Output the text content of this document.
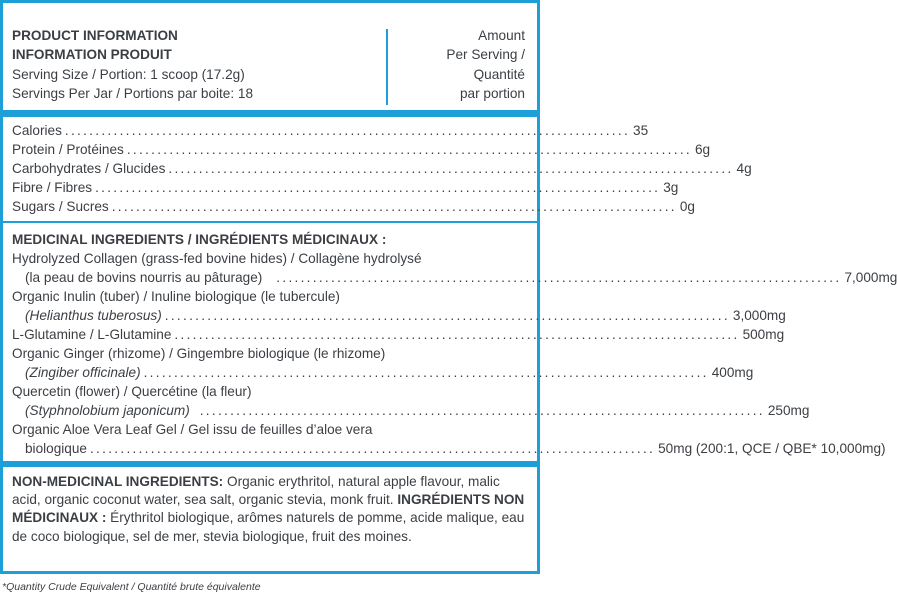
PRODUCT INFORMATION
INFORMATION PRODUIT
Serving Size / Portion: 1 scoop (17.2g)
Servings Per Jar / Portions par boite: 18
Amount
Per Serving /
Quantité
par portion
Calories ............................................................................................. 35
Protein / Protéines ............................................................................................. 6g
Carbohydrates / Glucides ............................................................................................. 4g
Fibre / Fibres ............................................................................................. 3g
Sugars / Sucres ............................................................................................. 0g
MEDICINAL INGREDIENTS / INGRÉDIENTS MÉDICINAUX :
Hydrolyzed Collagen (grass-fed bovine hides) / Collagène hydrolysé
(la peau de bovins nourris au pâturage) ............................................................................................. 7,000mg
Organic Inulin (tuber) / Inuline biologique (le tubercule)
(Helianthus tuberosus) ............................................................................................. 3,000mg
L-Glutamine / L-Glutamine ............................................................................................. 500mg
Organic Ginger (rhizome) / Gingembre biologique (le rhizome)
(Zingiber officinale) ............................................................................................. 400mg
Quercetin (flower) / Quercétine (la fleur)
(Styphnolobium japonicum) ............................................................................................. 250mg
Organic Aloe Vera Leaf Gel / Gel issu de feuilles d’aloe vera
biologique ............................................................................................. 50mg (200:1, QCE / QBE* 10,000mg)
NON-MEDICINAL INGREDIENTS: Organic erythritol, natural apple flavour, malic acid, organic coconut water, sea salt, organic stevia, monk fruit. INGRÉDIENTS NON MÉDICINAUX : Érythritol biologique, arômes naturels de pomme, acide malique, eau de coco biologique, sel de mer, stevia biologique, fruit des moines.
*Quantity Crude Equivalent / Quantité brute équivalente
